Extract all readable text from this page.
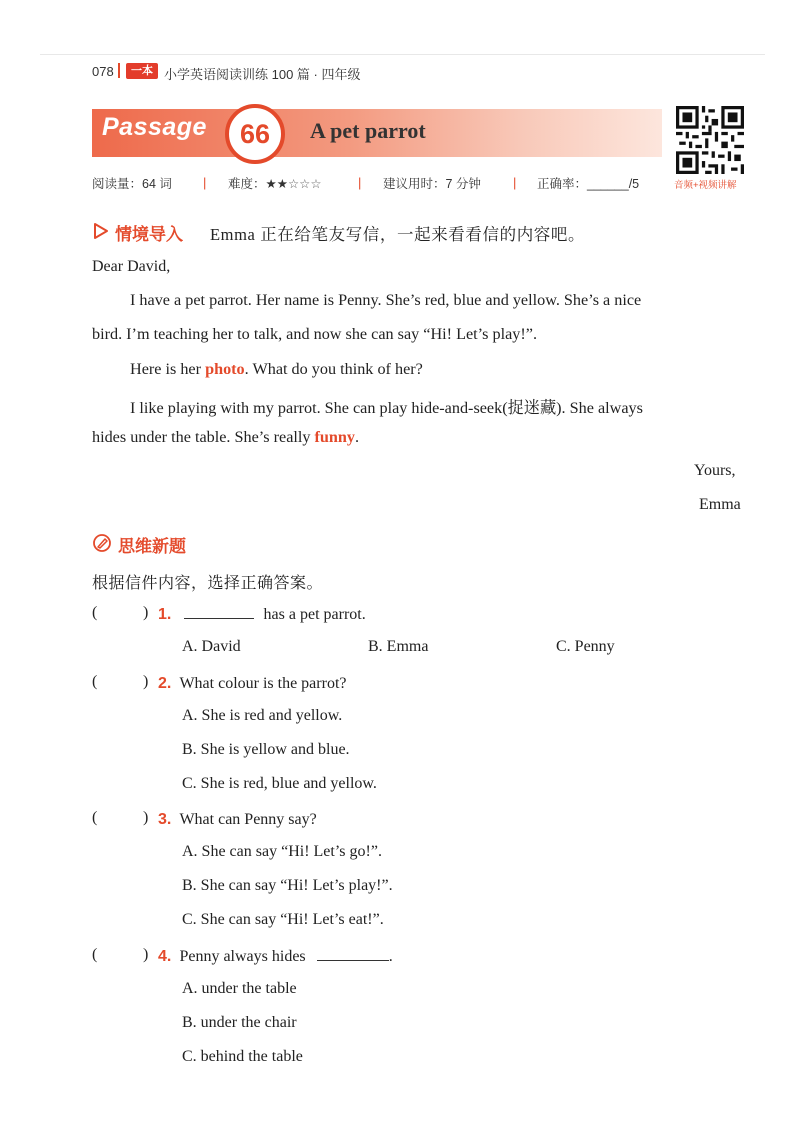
078	一本 小学英语阅读训练 100 篇 · 四年级
Passage	66	A pet parrot
音频+视频讲解
阅读量：64 词 | 难度：★★☆☆☆	| 建议用时：7 分钟 | 正确率：______/5
情境导入 Emma 正在给笔友写信，一起来看看信的内容吧。
Dear David,
I have a pet parrot. Her name is Penny. She’s red, blue and yellow. She’s a nice
bird. I’m teaching her to talk, and now she can say “Hi! Let’s play!”.
Here is her photo. What do you think of her?
I like playing with my parrot. She can play hide-and-seek(捉迷藏). She always
hides under the table. She’s really funny.
Yours,
Emma
思维新题
根据信件内容，选择正确答案。
(	) 1.	has a pet parrot.
A. David	B. Emma	C. Penny
(	) 2. What colour is the parrot?
A. She is red and yellow.
B. She is yellow and blue.
C. She is red, blue and yellow.
(	) 3. What can Penny say?
A. She can say “Hi! Let’s go!”.
B. She can say “Hi! Let’s play!”.
C. She can say “Hi! Let’s eat!”.
(	) 4. Penny always hides	.
A. under the table
B. under the chair
C. behind the table
